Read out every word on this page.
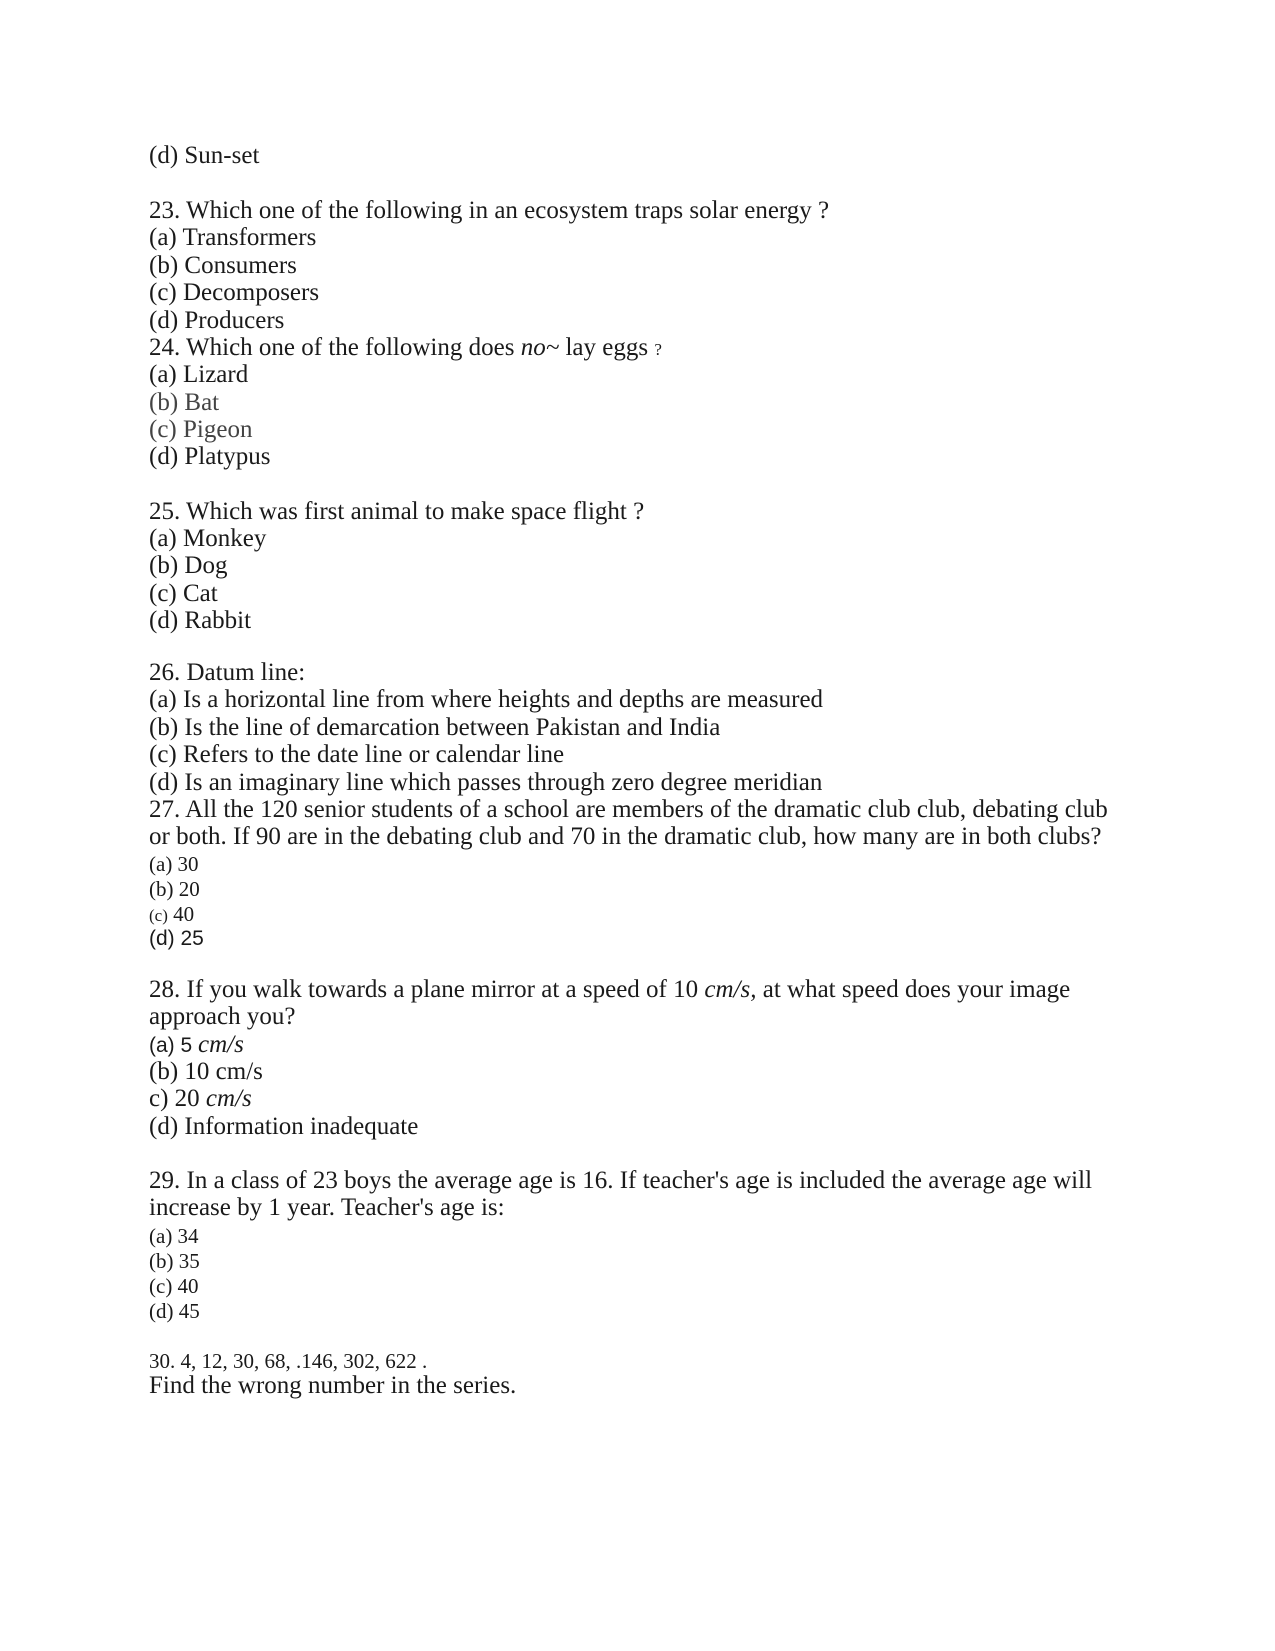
(d) Sun-set
23. Which one of the following in an ecosystem traps solar energy ?
(a) Transformers
(b) Consumers
(c) Decomposers
(d) Producers
24. Which one of the following does no~ lay eggs ?
(a) Lizard
(b) Bat
(c) Pigeon
(d) Platypus
25. Which was first animal to make space flight ?
(a) Monkey
(b) Dog
(c) Cat
(d) Rabbit
26. Datum line:
(a) Is a horizontal line from where heights and depths are measured
(b) Is the line of demarcation between Pakistan and India
(c) Refers to the date line or calendar line
(d) Is an imaginary line which passes through zero degree meridian
27. All the 120 senior students of a school are members of the dramatic club club, debating club
or both. If 90 are in the debating club and 70 in the dramatic club, how many are in both clubs?
(a) 30
(b) 20
(c) 40
(d) 25
28. If you walk towards a plane mirror at a speed of 10 cm/s, at what speed does your image
approach you?
(a) 5 cm/s
(b) 10 cm/s
c) 20 cm/s
(d) Information inadequate
29. In a class of 23 boys the average age is 16. If teacher's age is included the average age will
increase by 1 year. Teacher's age is:
(a) 34
(b) 35
(c) 40
(d) 45
30. 4, 12, 30, 68, .146, 302, 622 .
Find the wrong number in the series.
